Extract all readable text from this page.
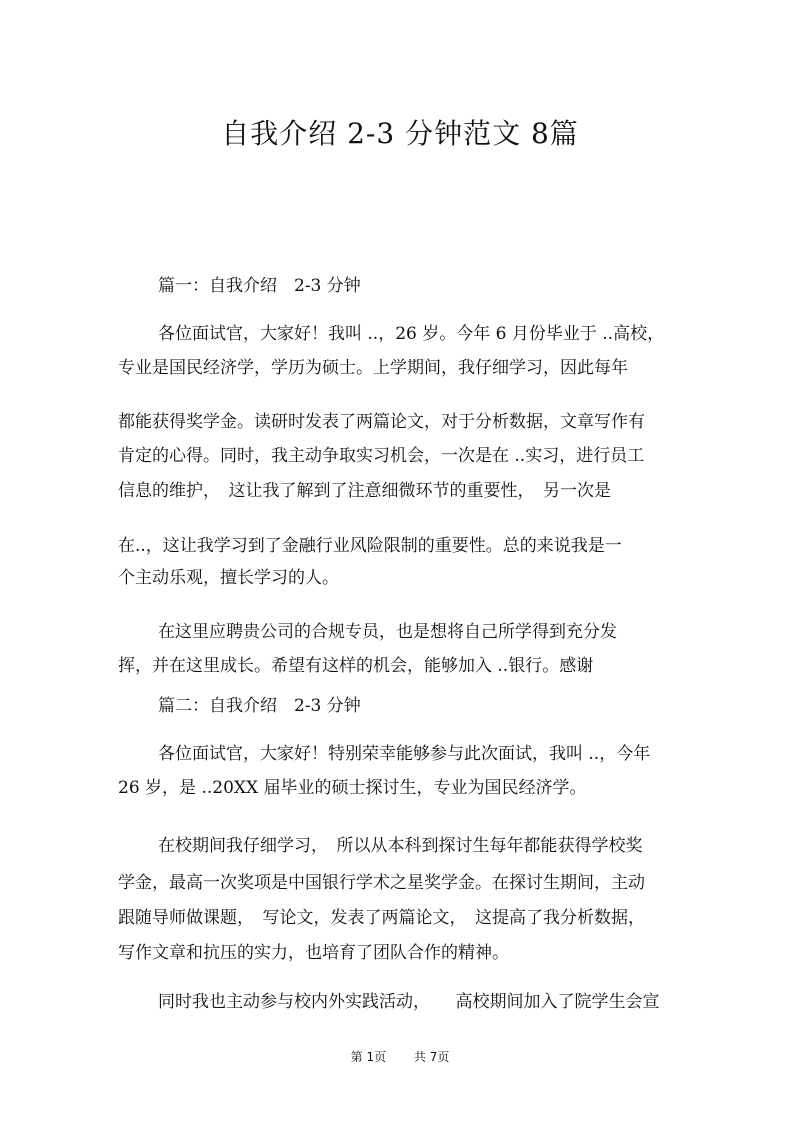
自我介绍 2-3 分钟范文 8篇
篇一：自我介绍　2-3 分钟
各位面试官，大家好！我叫 ..，26 岁。今年 6 月份毕业于 ..高校，
专业是国民经济学，学历为硕士。上学期间，我仔细学习，因此每年
都能获得奖学金。读研时发表了两篇论文，对于分析数据，文章写作有
肯定的心得。同时，我主动争取实习机会，一次是在 ..实习，进行员工
信息的维护，　这让我了解到了注意细微环节的重要性，　另一次是
在..，这让我学习到了金融行业风险限制的重要性。总的来说我是一
个主动乐观，擅长学习的人。
在这里应聘贵公司的合规专员，也是想将自己所学得到充分发
挥，并在这里成长。希望有这样的机会，能够加入 ..银行。感谢
篇二：自我介绍　2-3 分钟
各位面试官，大家好！特别荣幸能够参与此次面试，我叫 ..，今年
26 岁，是 ..20XX 届毕业的硕士探讨生，专业为国民经济学。
在校期间我仔细学习，　所以从本科到探讨生每年都能获得学校奖
学金，最高一次奖项是中国银行学术之星奖学金。在探讨生期间，主动
跟随导师做课题，　写论文，发表了两篇论文，　这提高了我分析数据，
写作文章和抗压的实力，也培育了团队合作的精神。
同时我也主动参与校内外实践活动，　　高校期间加入了院学生会宣
第 1页 共 7页
